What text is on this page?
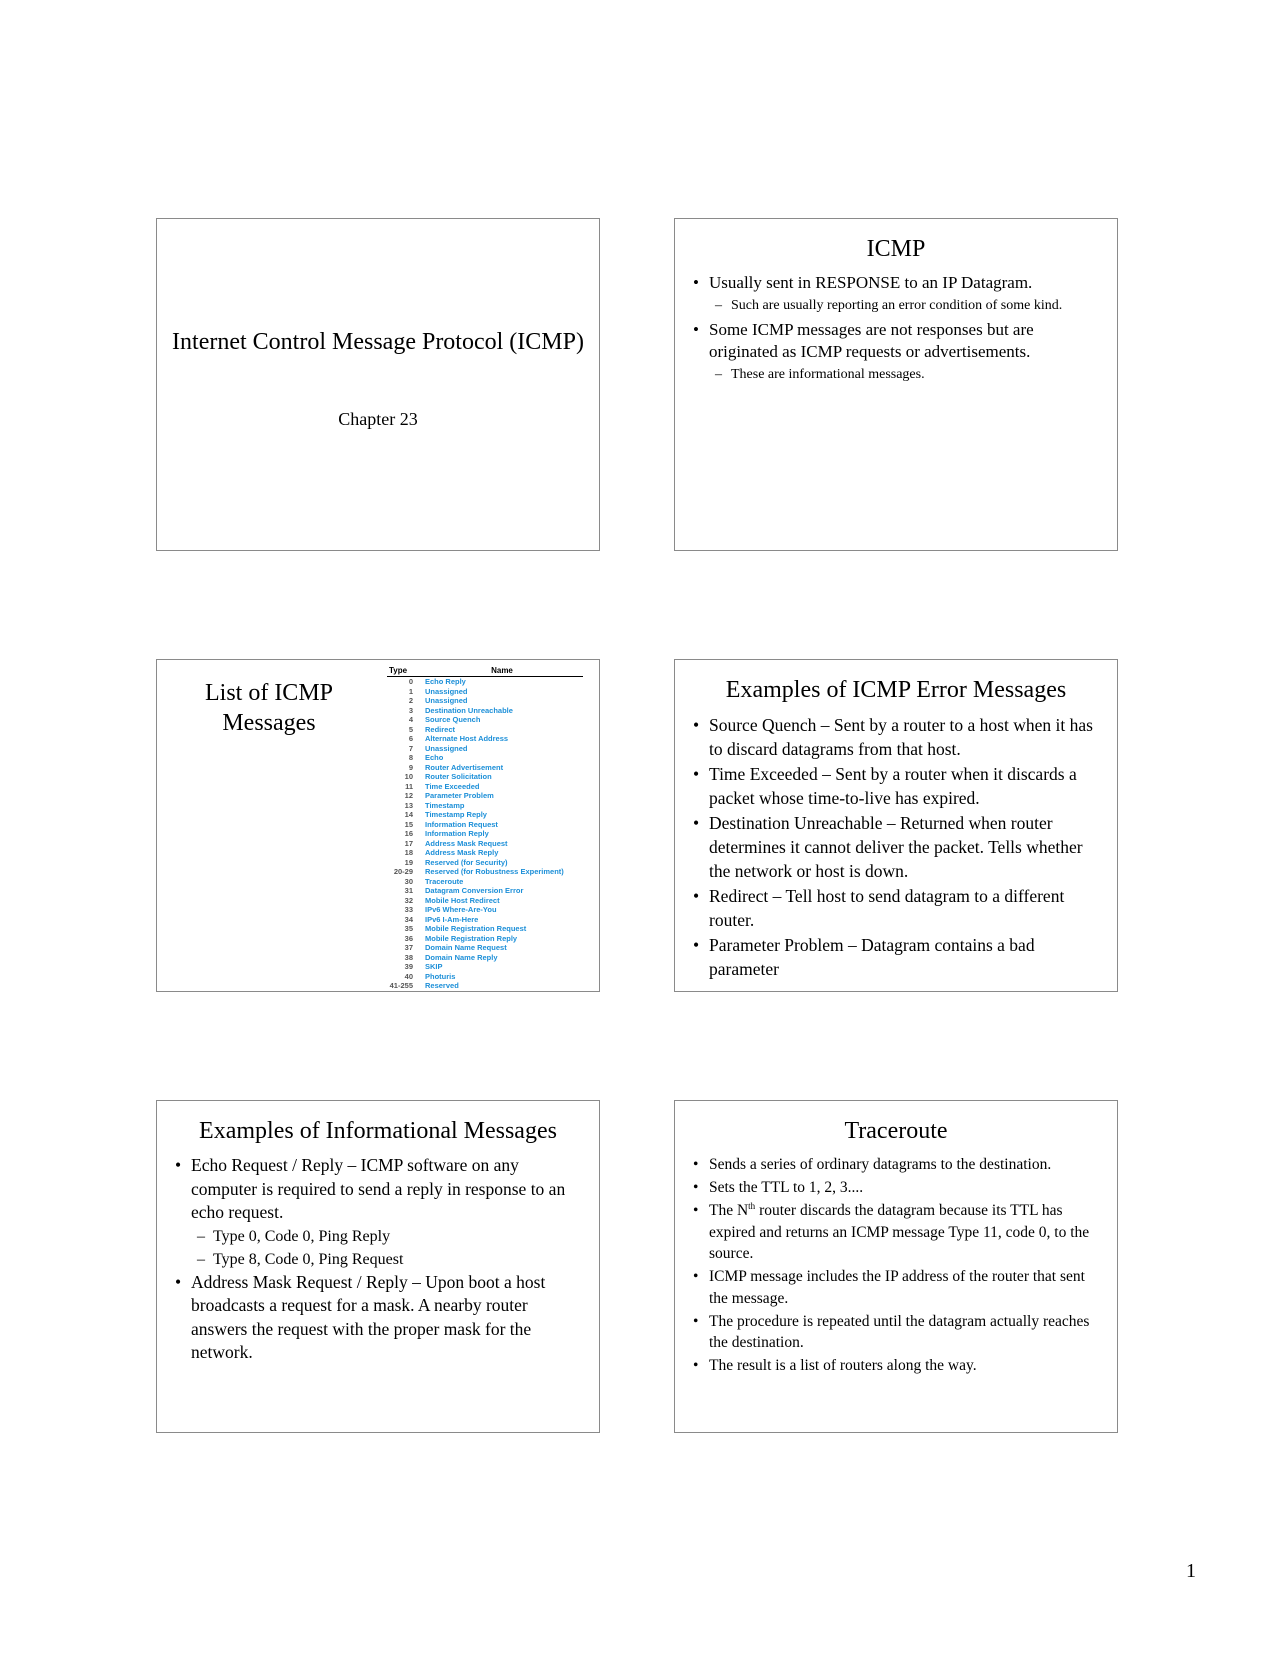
Internet Control Message Protocol (ICMP)
Chapter 23
ICMP
• Usually sent in RESPONSE to an IP Datagram.
– Such are usually reporting an error condition of some kind.
• Some ICMP messages are not responses but are originated as ICMP requests or advertisements.
– These are informational messages.
List of ICMP Messages
Type	Name
0	Echo Reply
1	Unassigned
2	Unassigned
3	Destination Unreachable
4	Source Quench
5	Redirect
6	Alternate Host Address
7	Unassigned
8	Echo
9	Router Advertisement
10	Router Solicitation
11	Time Exceeded
12	Parameter Problem
13	Timestamp
14	Timestamp Reply
15	Information Request
16	Information Reply
17	Address Mask Request
18	Address Mask Reply
19	Reserved (for Security)
20-29	Reserved (for Robustness Experiment)
30	Traceroute
31	Datagram Conversion Error
32	Mobile Host Redirect
33	IPv6 Where-Are-You
34	IPv6 I-Am-Here
35	Mobile Registration Request
36	Mobile Registration Reply
37	Domain Name Request
38	Domain Name Reply
39	SKIP
40	Photuris
41-255	Reserved
Examples of ICMP Error Messages
• Source Quench – Sent by a router to a host when it has to discard datagrams from that host.
• Time Exceeded – Sent by a router when it discards a packet whose time-to-live has expired.
• Destination Unreachable – Returned when router determines it cannot deliver the packet. Tells whether the network or host is down.
• Redirect – Tell host to send datagram to a different router.
• Parameter Problem – Datagram contains a bad parameter
Examples of Informational Messages
• Echo Request / Reply – ICMP software on any computer is required to send a reply in response to an echo request.
– Type 0, Code 0, Ping Reply
– Type 8, Code 0, Ping Request
• Address Mask Request / Reply – Upon boot a host broadcasts a request for a mask. A nearby router answers the request with the proper mask for the network.
Traceroute
• Sends a series of ordinary datagrams to the destination.
• Sets the TTL to 1, 2, 3....
• The $N^{th}$ router discards the datagram because its TTL has expired and returns an ICMP message Type 11, code 0, to the source.
• ICMP message includes the IP address of the router that sent the message.
• The procedure is repeated until the datagram actually reaches the destination.
• The result is a list of routers along the way.
1
